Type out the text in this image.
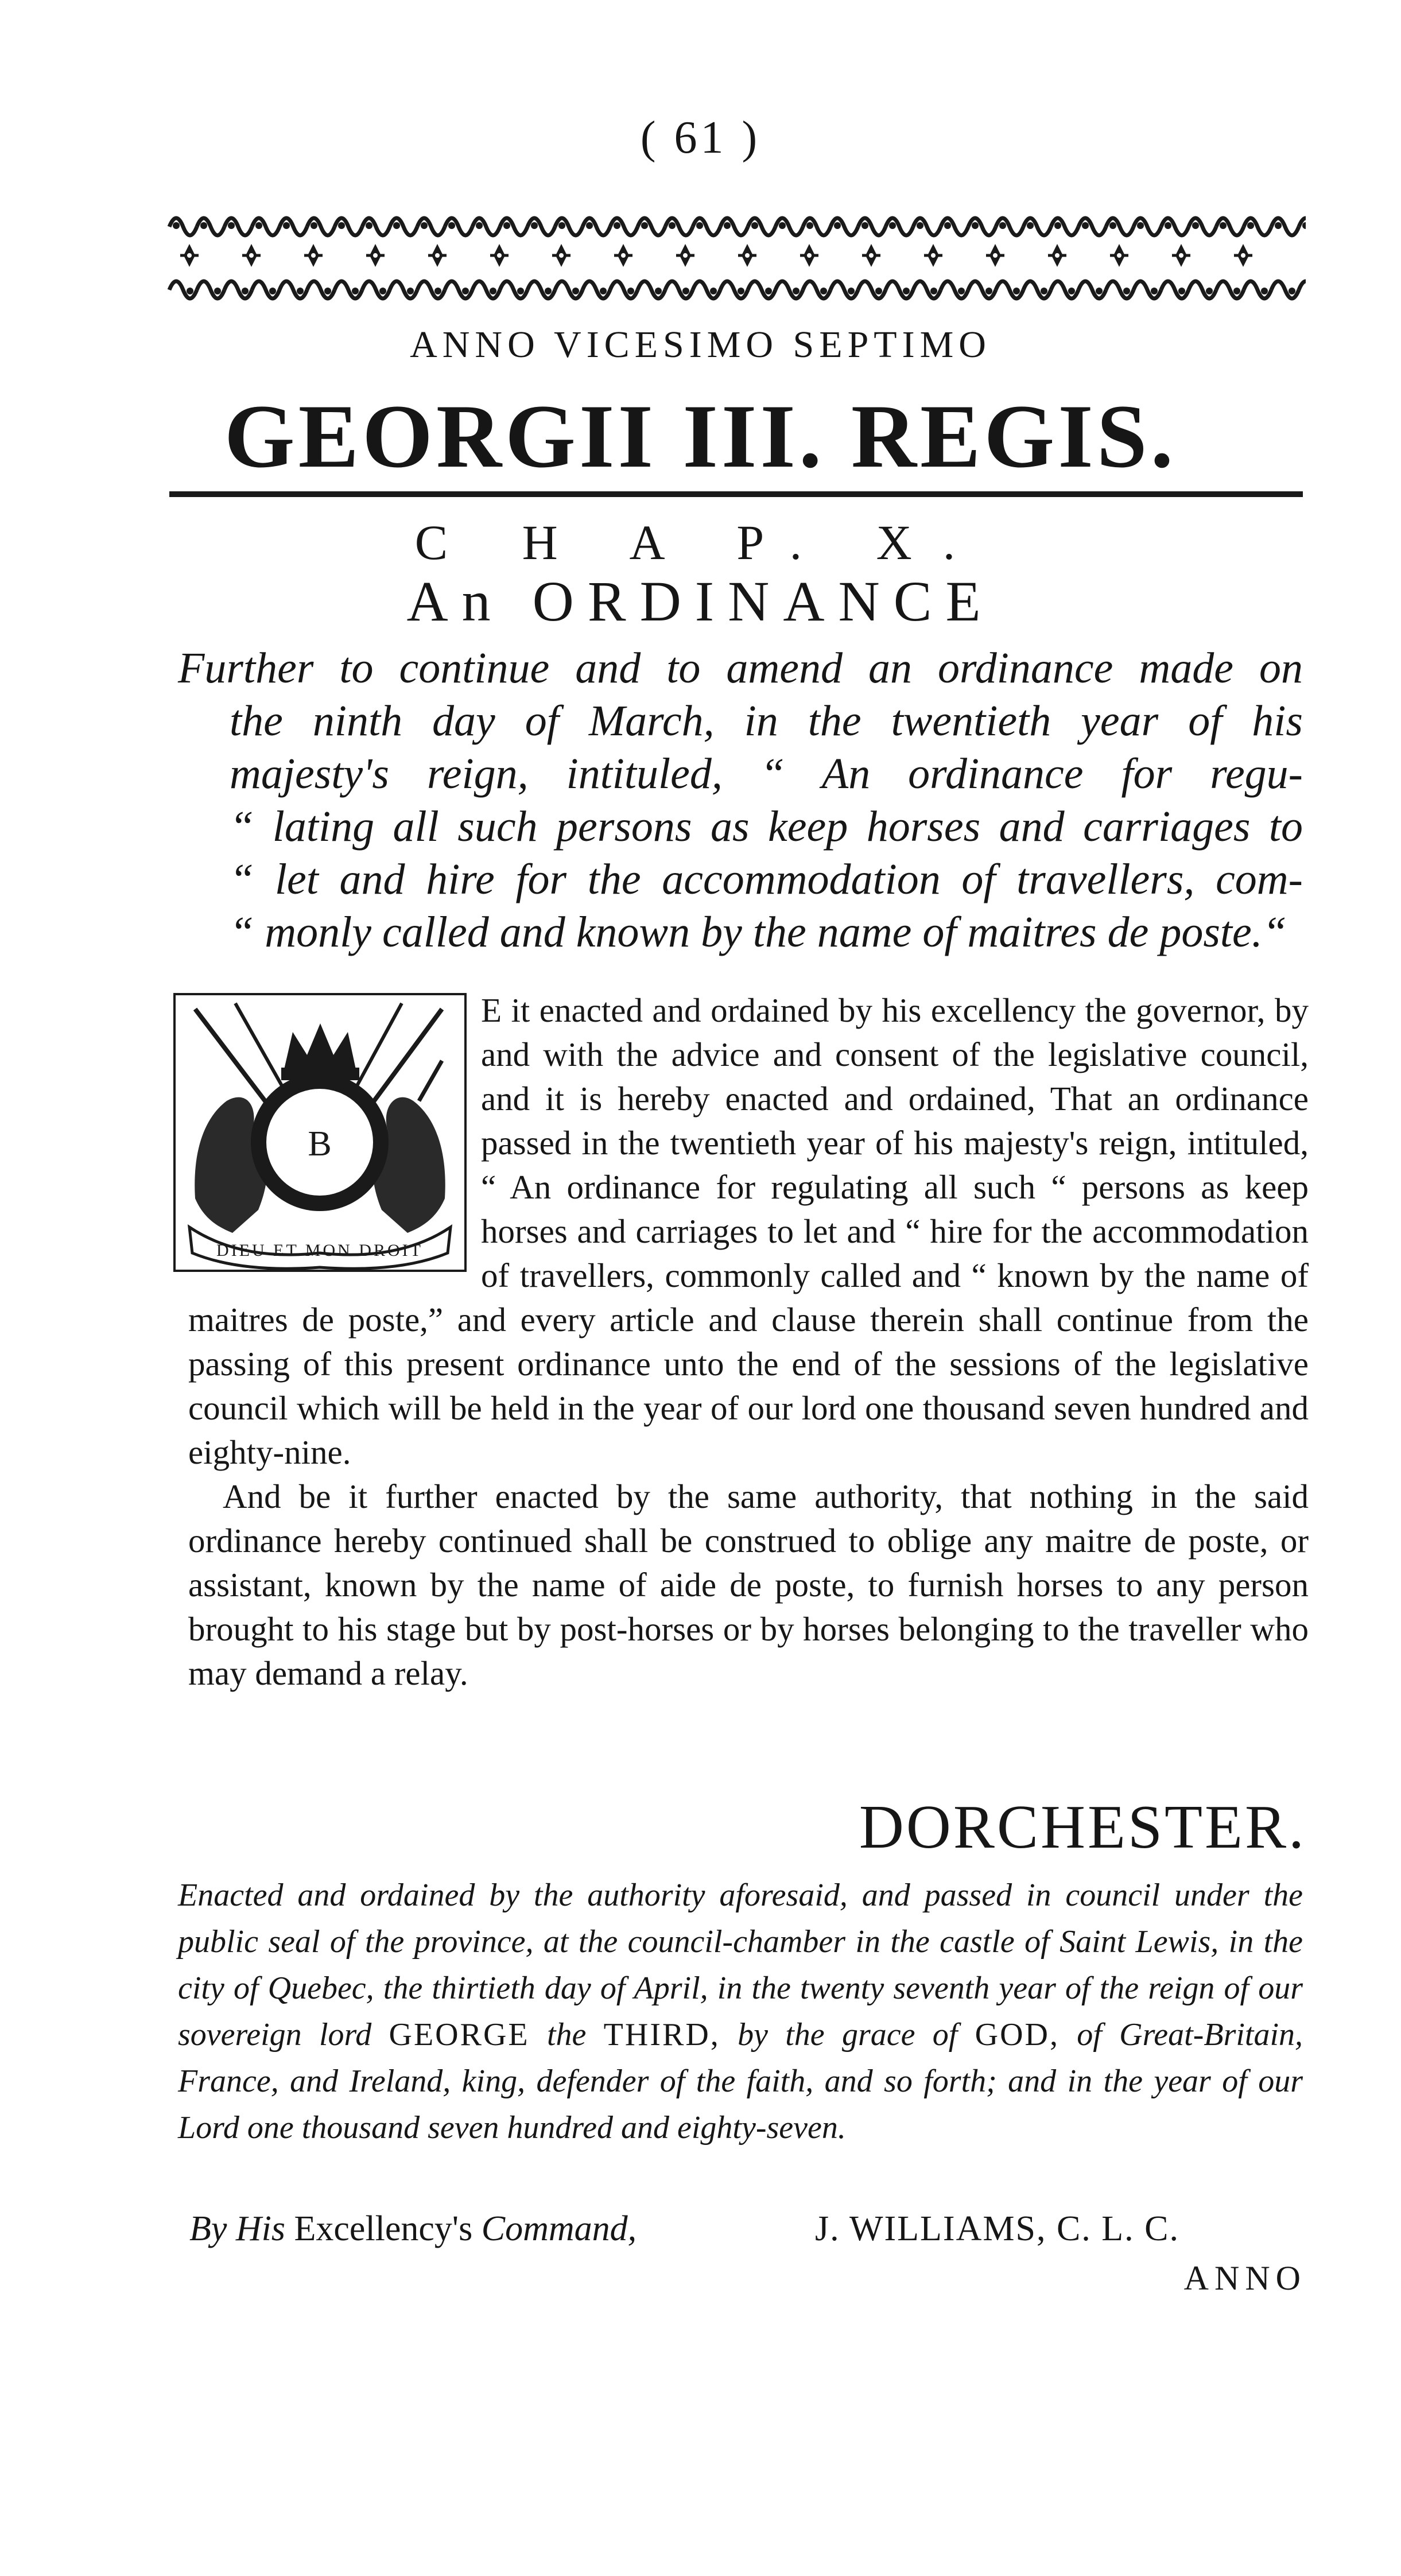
( 61 )
ANNO VICESIMO SEPTIMO
GEORGII III. REGIS.
C H A P. X.
An ORDINANCE
Further to continue and to amend an ordinance made on
the ninth day of March, in the twentieth year of his
majesty's reign, intituled, “ An ordinance for regu-
“ lating all such persons as keep horses and carriages to
“ let and hire for the accommodation of travellers, com-
“ monly called and known by the name of maitres de poste.“
B
DIEU ET MON DROIT

E it enacted and ordained by his excellency the governor, by and with the advice and consent of the legislative council, and it is hereby enacted and ordained, That an ordinance passed in the twentieth year of his majesty's reign, intituled, “ An ordinance for regulating all such “ persons as keep horses and carriages to let and “ hire for the accommodation of travellers, commonly called and “ known by the name of maitres de poste,” and every article and clause therein shall continue from the passing of this present ordinance unto the end of the sessions of the legislative council which will be held in the year of our lord one thousand seven hundred and eighty-nine.

And be it further enacted by the same authority, that nothing in the said ordinance hereby continued shall be construed to oblige any maitre de poste, or assistant, known by the name of aide de poste, to furnish horses to any person brought to his stage but by post-horses or by horses belonging to the traveller who may demand a relay.

DORCHESTER.
Enacted and ordained by the authority aforesaid, and passed in council under the public seal of the province, at the council-chamber in the castle of Saint Lewis, in the city of Quebec, the thirtieth day of April, in the twenty seventh year of the reign of our sovereign lord GEORGE the THIRD, by the grace of GOD, of Great-Britain, France, and Ireland, king, defender of the faith, and so forth; and in the year of our Lord one thousand seven hundred and eighty-seven.
By His Excellency's Command,	J. WILLIAMS, C. L. C.
ANNO
